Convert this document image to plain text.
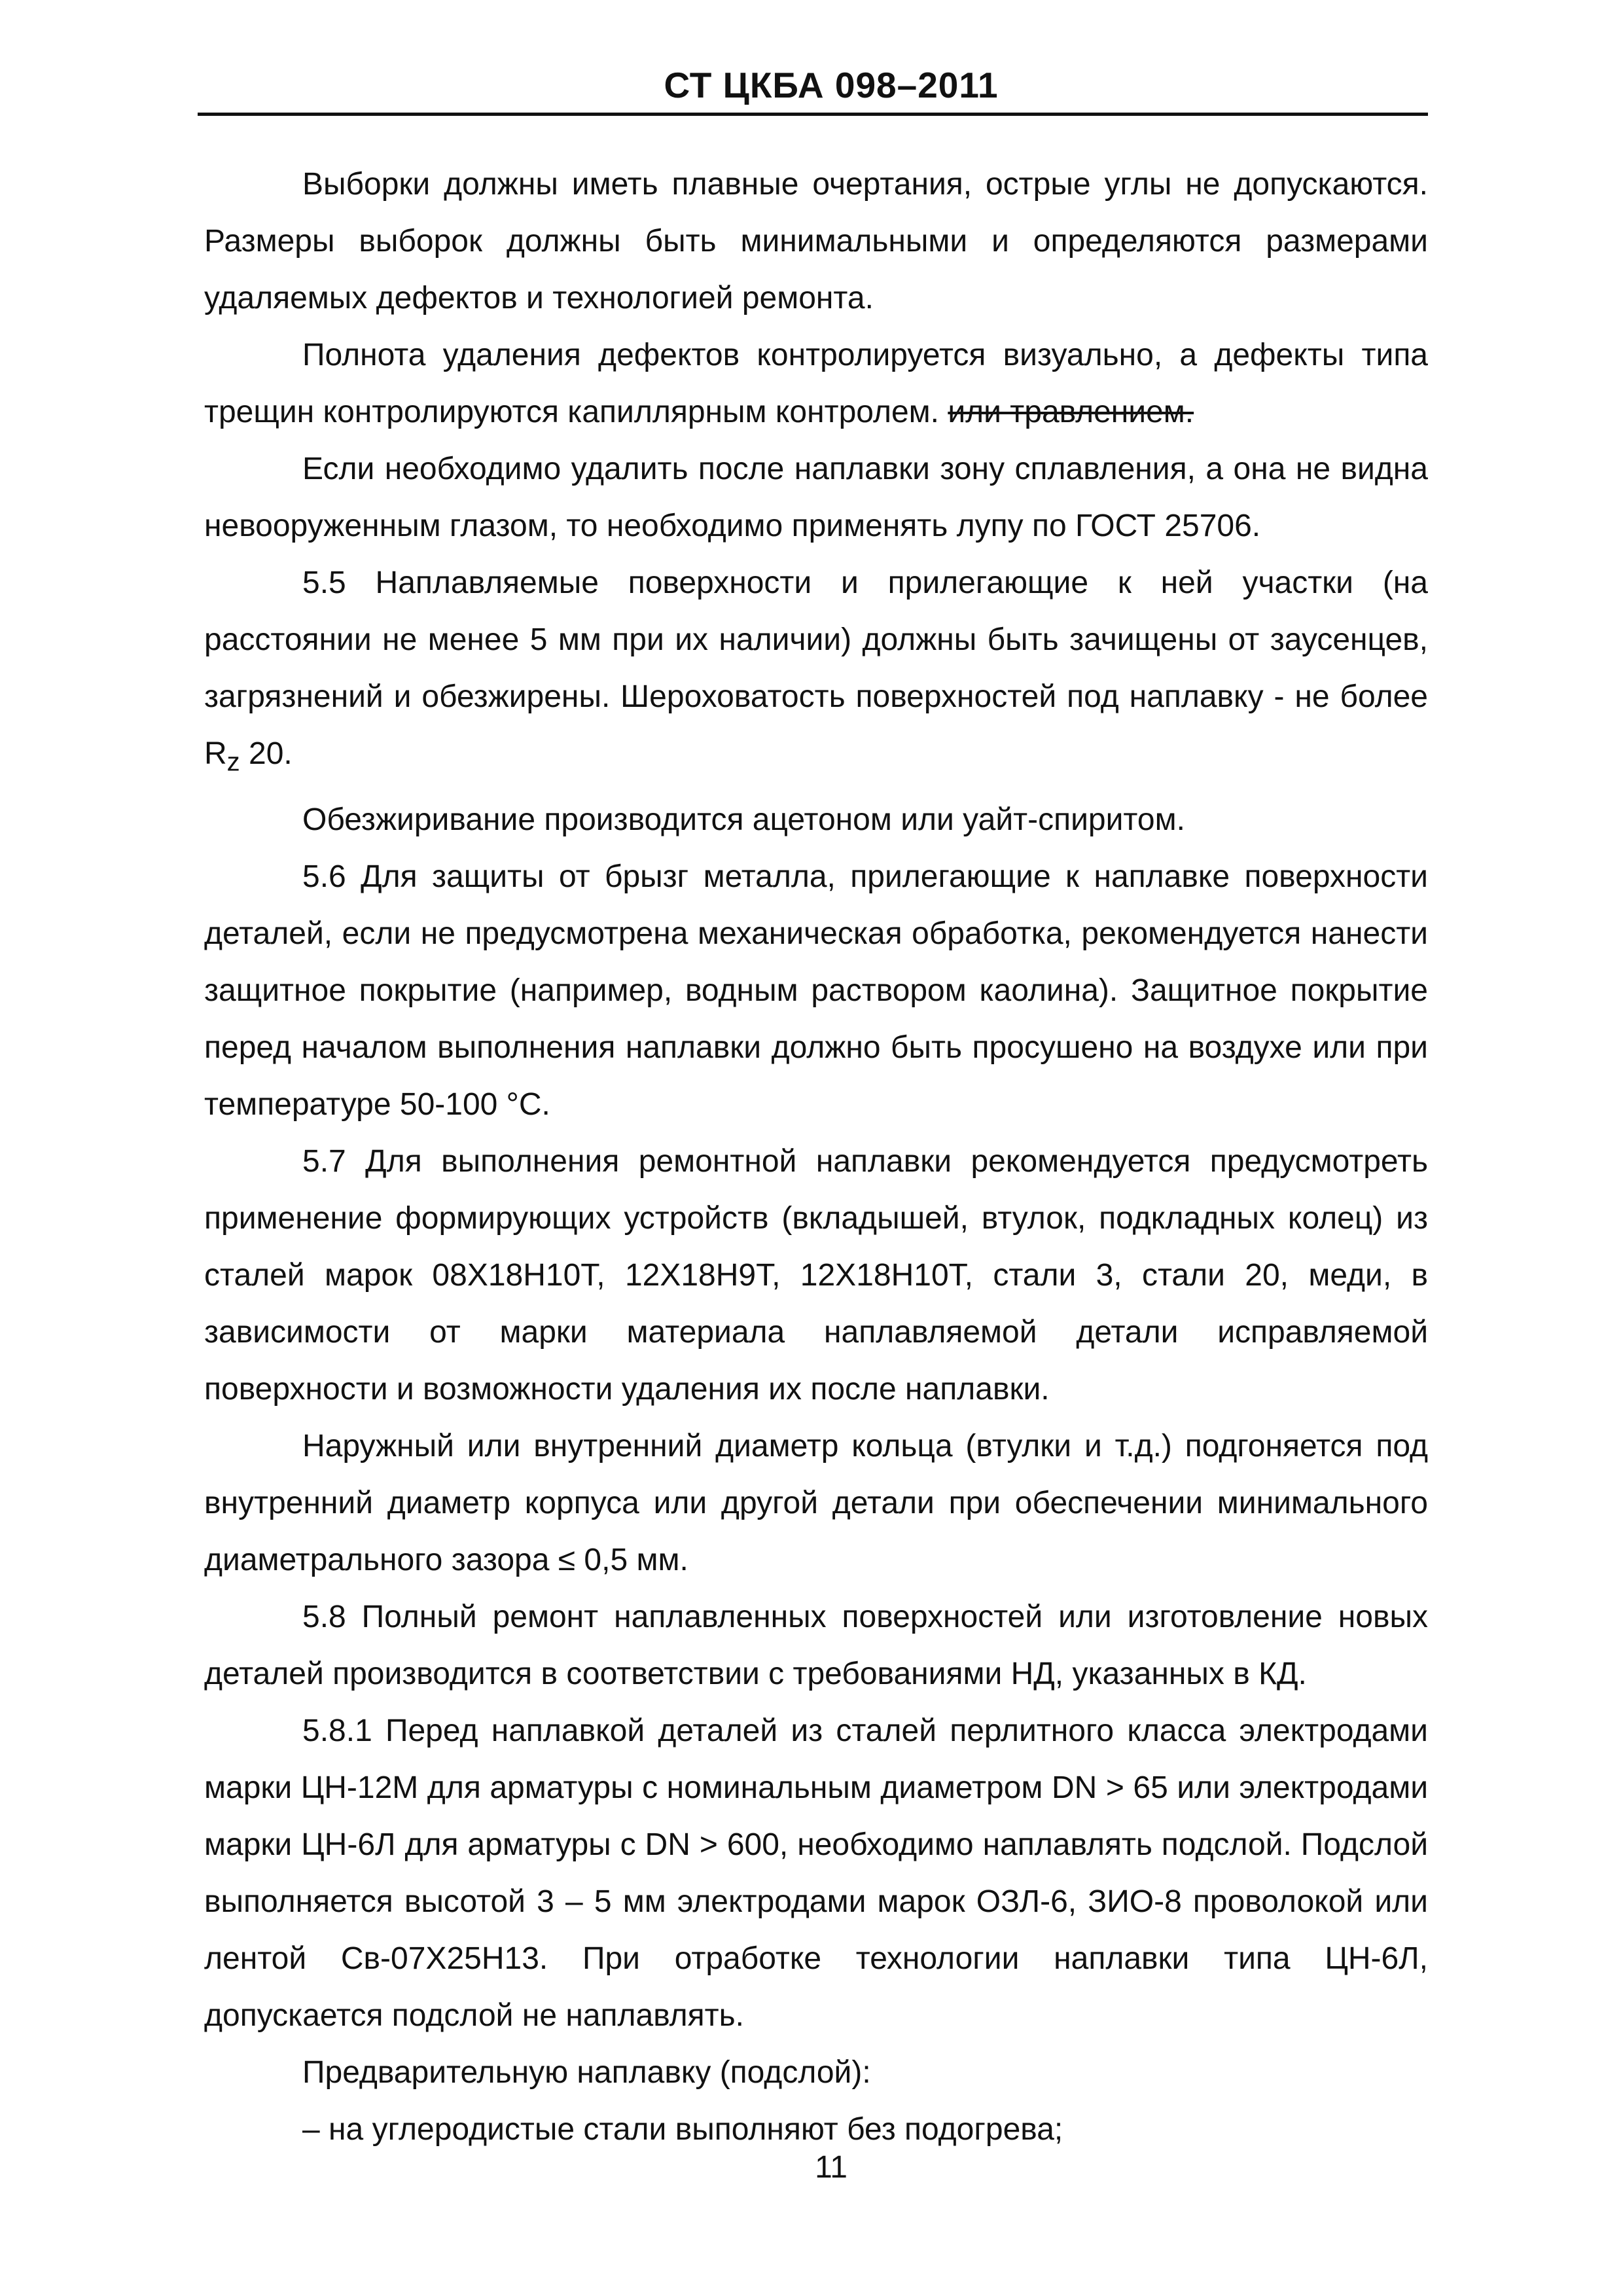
СТ ЦКБА 098–2011

Выборки должны иметь плавные очертания, острые углы не допускаются. Размеры выборок должны быть минимальными и определяются размерами удаляемых дефектов и технологией ремонта.

Полнота удаления дефектов контролируется визуально, а дефекты типа трещин контролируются капиллярным контролем. или травлением.

Если необходимо удалить после наплавки зону сплавления, а она не видна невооруженным глазом, то необходимо применять лупу по ГОСТ 25706.

5.5 Наплавляемые поверхности и прилегающие к ней участки (на расстоянии не менее 5 мм при их наличии) должны быть зачищены от заусенцев, загрязнений и обезжирены. Шероховатость поверхностей под наплавку - не более $R_z$ 20.

Обезжиривание производится ацетоном или уайт-спиритом.

5.6 Для защиты от брызг металла, прилегающие к наплавке поверхности деталей, если не предусмотрена механическая обработка, рекомендуется нанести защитное покрытие (например, водным раствором каолина). Защитное покрытие перед началом выполнения наплавки должно быть просушено на воздухе или при температуре 50-100 °С.

5.7 Для выполнения ремонтной наплавки рекомендуется предусмотреть применение формирующих устройств (вкладышей, втулок, подкладных колец) из сталей марок 08Х18Н10Т, 12Х18Н9Т, 12Х18Н10Т, стали 3, стали 20, меди, в зависимости от марки материала наплавляемой детали исправляемой поверхности и возможности удаления их после наплавки.

Наружный или внутренний диаметр кольца (втулки и т.д.) подгоняется под внутренний диаметр корпуса или другой детали при обеспечении минимального диаметрального зазора ≤ 0,5 мм.

5.8 Полный ремонт наплавленных поверхностей или изготовление новых деталей производится в соответствии с требованиями НД, указанных в КД.

5.8.1 Перед наплавкой деталей из сталей перлитного класса электродами марки ЦН-12М для арматуры с номинальным диаметром DN > 65 или электродами марки ЦН-6Л для арматуры с DN > 600, необходимо наплавлять подслой. Подслой выполняется высотой 3 – 5 мм электродами марок ОЗЛ-6, ЗИО-8 проволокой или лентой Св-07Х25Н13. При отработке технологии наплавки типа ЦН-6Л, допускается подслой не наплавлять.

Предварительную наплавку (подслой):

– на углеродистые стали выполняют без подогрева;

11
